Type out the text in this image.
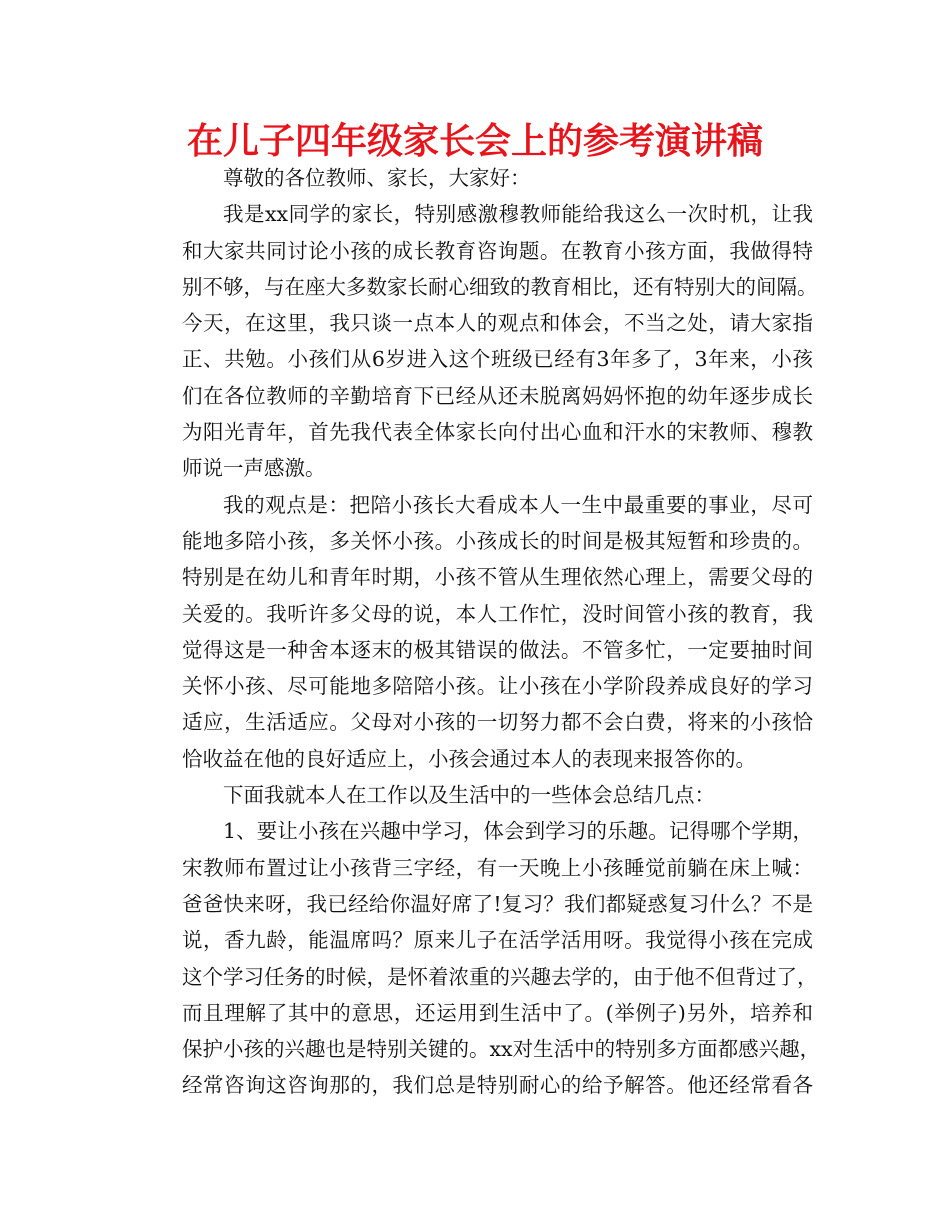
在儿子四年级家长会上的参考演讲稿
尊敬的各位教师、家长，大家好：
我是xx同学的家长，特别感激穆教师能给我这么一次时机，让我
和大家共同讨论小孩的成长教育咨询题。在教育小孩方面，我做得特
别不够，与在座大多数家长耐心细致的教育相比，还有特别大的间隔。
今天，在这里，我只谈一点本人的观点和体会，不当之处，请大家指
正、共勉。小孩们从6岁进入这个班级已经有3年多了，3年来，小孩
们在各位教师的辛勤培育下已经从还未脱离妈妈怀抱的幼年逐步成长
为阳光青年，首先我代表全体家长向付出心血和汗水的宋教师、穆教
师说一声感激。
我的观点是：把陪小孩长大看成本人一生中最重要的事业，尽可
能地多陪小孩，多关怀小孩。小孩成长的时间是极其短暂和珍贵的。
特别是在幼儿和青年时期，小孩不管从生理依然心理上，需要父母的
关爱的。我听许多父母的说，本人工作忙，没时间管小孩的教育，我
觉得这是一种舍本逐末的极其错误的做法。不管多忙，一定要抽时间
关怀小孩、尽可能地多陪陪小孩。让小孩在小学阶段养成良好的学习
适应，生活适应。父母对小孩的一切努力都不会白费，将来的小孩恰
恰收益在他的良好适应上，小孩会通过本人的表现来报答你的。
下面我就本人在工作以及生活中的一些体会总结几点：
1、要让小孩在兴趣中学习，体会到学习的乐趣。记得哪个学期，
宋教师布置过让小孩背三字经，有一天晚上小孩睡觉前躺在床上喊：
爸爸快来呀，我已经给你温好席了!复习？我们都疑惑复习什么？不是
说，香九龄，能温席吗？原来儿子在活学活用呀。我觉得小孩在完成
这个学习任务的时候，是怀着浓重的兴趣去学的，由于他不但背过了，
而且理解了其中的意思，还运用到生活中了。(举例子)另外，培养和
保护小孩的兴趣也是特别关键的。xx对生活中的特别多方面都感兴趣，
经常咨询这咨询那的，我们总是特别耐心的给予解答。他还经常看各
